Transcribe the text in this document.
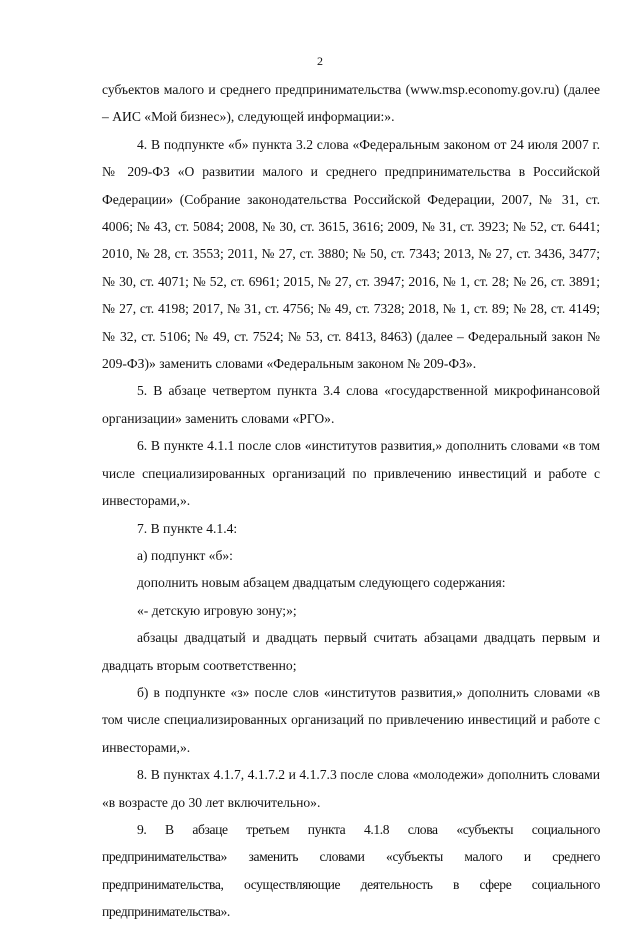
2

субъектов малого и среднего предпринимательства (www.msp.economy.gov.ru) (далее – АИС «Мой бизнес»), следующей информации:».

4. В подпункте «б» пункта 3.2 слова «Федеральным законом от 24 июля 2007 г. № 209-ФЗ «О развитии малого и среднего предпринимательства в Российской Федерации» (Собрание законодательства Российской Федерации, 2007, № 31, ст. 4006; № 43, ст. 5084; 2008, № 30, ст. 3615, 3616; 2009, № 31, ст. 3923; № 52, ст. 6441; 2010, № 28, ст. 3553; 2011, № 27, ст. 3880; № 50, ст. 7343; 2013, № 27, ст. 3436, 3477; № 30, ст. 4071; № 52, ст. 6961; 2015, № 27, ст. 3947; 2016, № 1, ст. 28; № 26, ст. 3891; № 27, ст. 4198; 2017, № 31, ст. 4756; № 49, ст. 7328; 2018, № 1, ст. 89; № 28, ст. 4149; № 32, ст. 5106; № 49, ст. 7524; № 53, ст. 8413, 8463) (далее – Федеральный закон № 209-ФЗ)» заменить словами «Федеральным законом № 209-ФЗ».

5. В абзаце четвертом пункта 3.4 слова «государственной микрофинансовой организации» заменить словами «РГО».

6. В пункте 4.1.1 после слов «институтов развития,» дополнить словами «в том числе специализированных организаций по привлечению инвестиций и работе с инвесторами,».

7. В пункте 4.1.4:

а) подпункт «б»:

дополнить новым абзацем двадцатым следующего содержания:

«- детскую игровую зону;»;

абзацы двадцатый и двадцать первый считать абзацами двадцать первым и двадцать вторым соответственно;

б) в подпункте «з» после слов «институтов развития,» дополнить словами «в том числе специализированных организаций по привлечению инвестиций и работе с инвесторами,».

8. В пунктах 4.1.7, 4.1.7.2 и 4.1.7.3 после слова «молодежи» дополнить словами «в возрасте до 30 лет включительно».

9. В абзаце третьем пункта 4.1.8 слова «субъекты социального предпринимательства» заменить словами «субъекты малого и среднего предпринимательства, осуществляющие деятельность в сфере социального предпринимательства».
